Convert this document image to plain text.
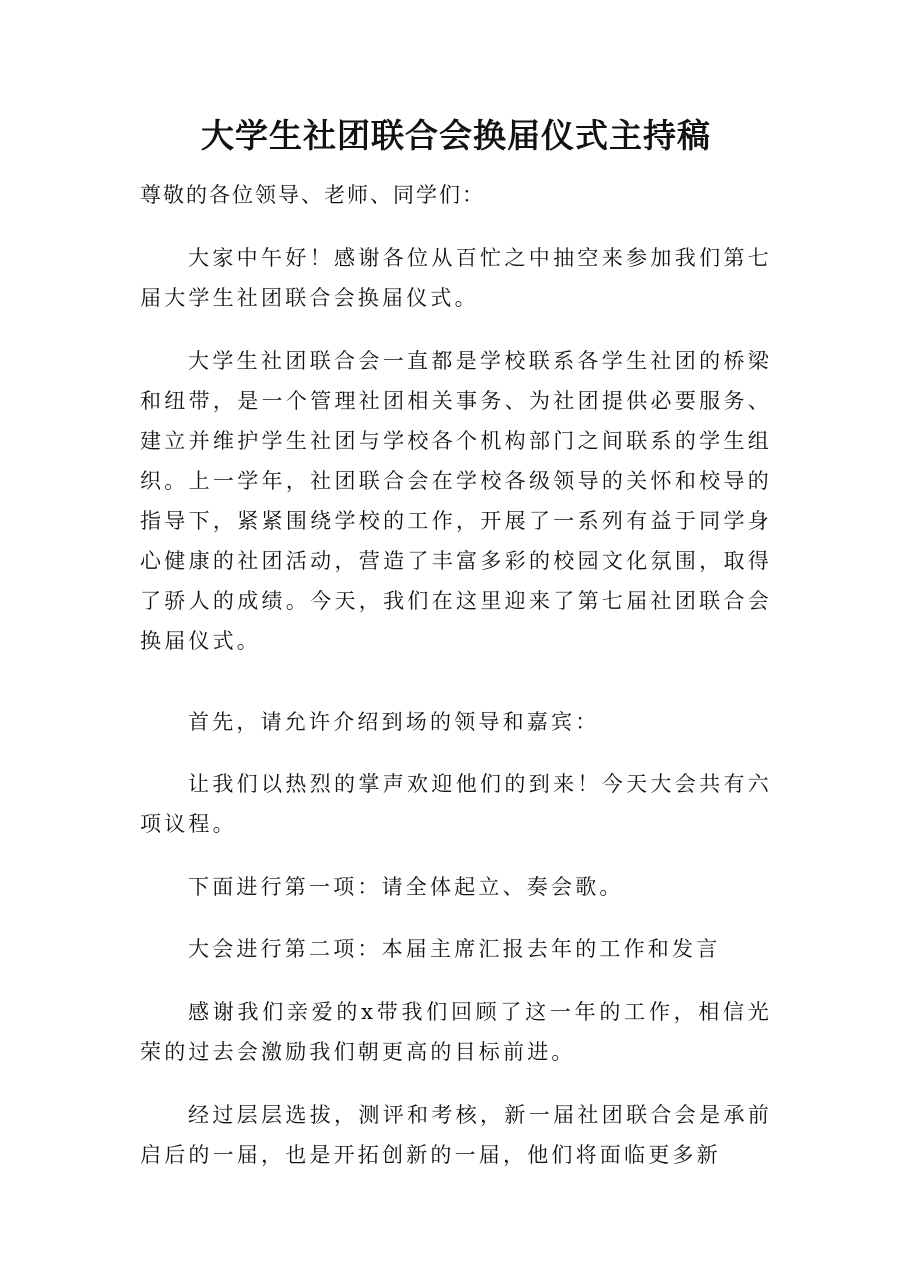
大学生社团联合会换届仪式主持稿

尊敬的各位领导、老师、同学们：

大家中午好！感谢各位从百忙之中抽空来参加我们第七届大学生社团联合会换届仪式。

大学生社团联合会一直都是学校联系各学生社团的桥梁和纽带，是一个管理社团相关事务、为社团提供必要服务、建立并维护学生社团与学校各个机构部门之间联系的学生组织。上一学年，社团联合会在学校各级领导的关怀和校导的指导下，紧紧围绕学校的工作，开展了一系列有益于同学身心健康的社团活动，营造了丰富多彩的校园文化氛围，取得了骄人的成绩。今天，我们在这里迎来了第七届社团联合会换届仪式。

首先，请允许介绍到场的领导和嘉宾：

让我们以热烈的掌声欢迎他们的到来！今天大会共有六项议程。

下面进行第一项：请全体起立、奏会歌。

大会进行第二项：本届主席汇报去年的工作和发言

感谢我们亲爱的x带我们回顾了这一年的工作，相信光荣的过去会激励我们朝更高的目标前进。

经过层层选拔，测评和考核，新一届社团联合会是承前启后的一届，也是开拓创新的一届，他们将面临更多新
